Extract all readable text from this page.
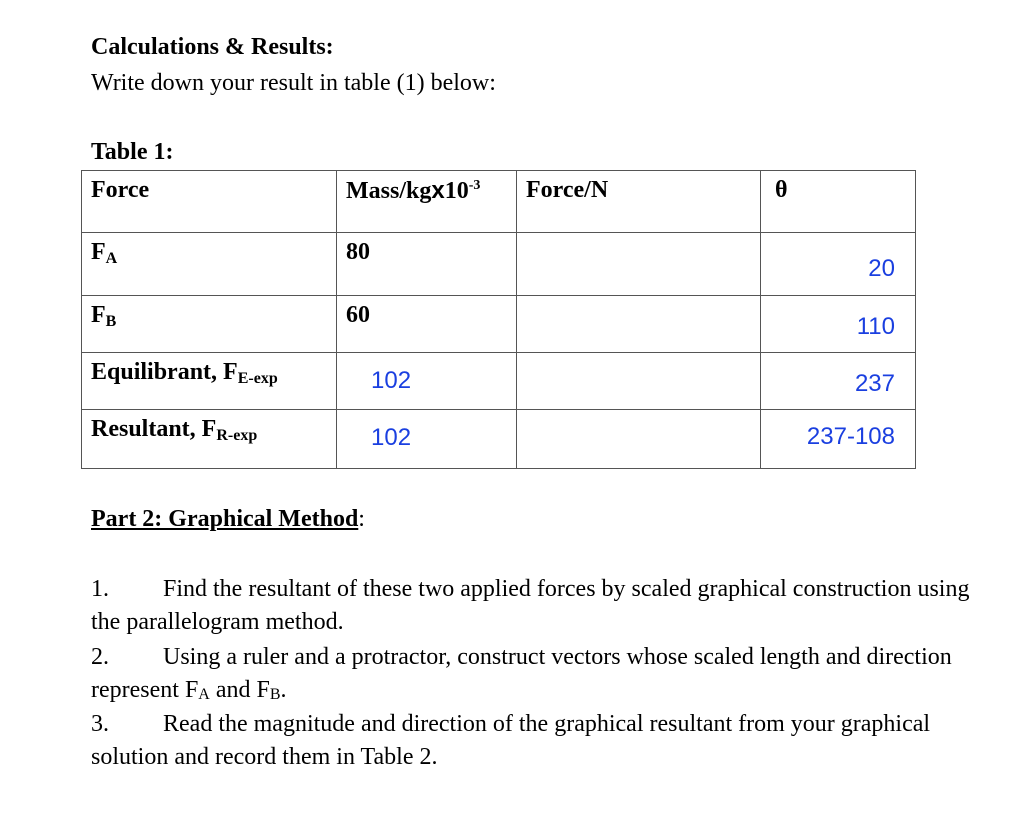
Calculations & Results:
Write down your result in table (1) below:
Table 1:
Force	Mass/$kgx10^{-3}$	Force/N	θ

FA	80		20

FB	60		110

Equilibrant, FE-exp	102		237

Resultant, FR-exp	102		237-108
Part 2: Graphical Method:
1. Find the resultant of these two applied forces by scaled graphical construction using the parallelogram method.
2. Using a ruler and a protractor, construct vectors whose scaled length and direction represent FA and FB.
3. Read the magnitude and direction of the graphical resultant from your graphical solution and record them in Table 2.
